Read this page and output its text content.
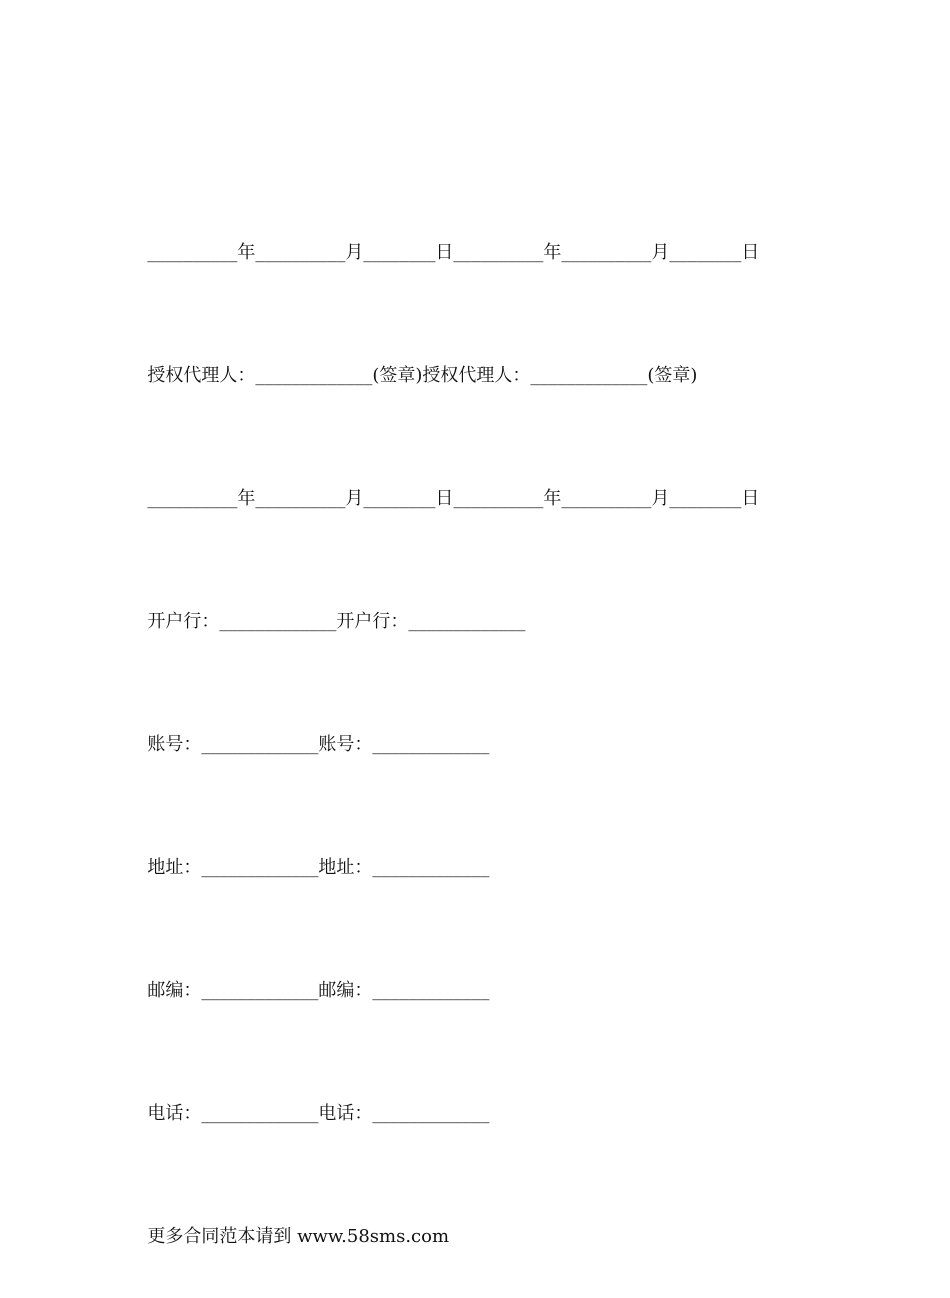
__________年__________月________日__________年__________月________日

授权代理人：_____________(签章)授权代理人：_____________(签章)

__________年__________月________日__________年__________月________日

开户行：_____________开户行：_____________

账号：_____________账号：_____________

地址：_____________地址：_____________

邮编：_____________邮编：_____________

电话：_____________电话：_____________

更多合同范本请到 www.58sms.com
